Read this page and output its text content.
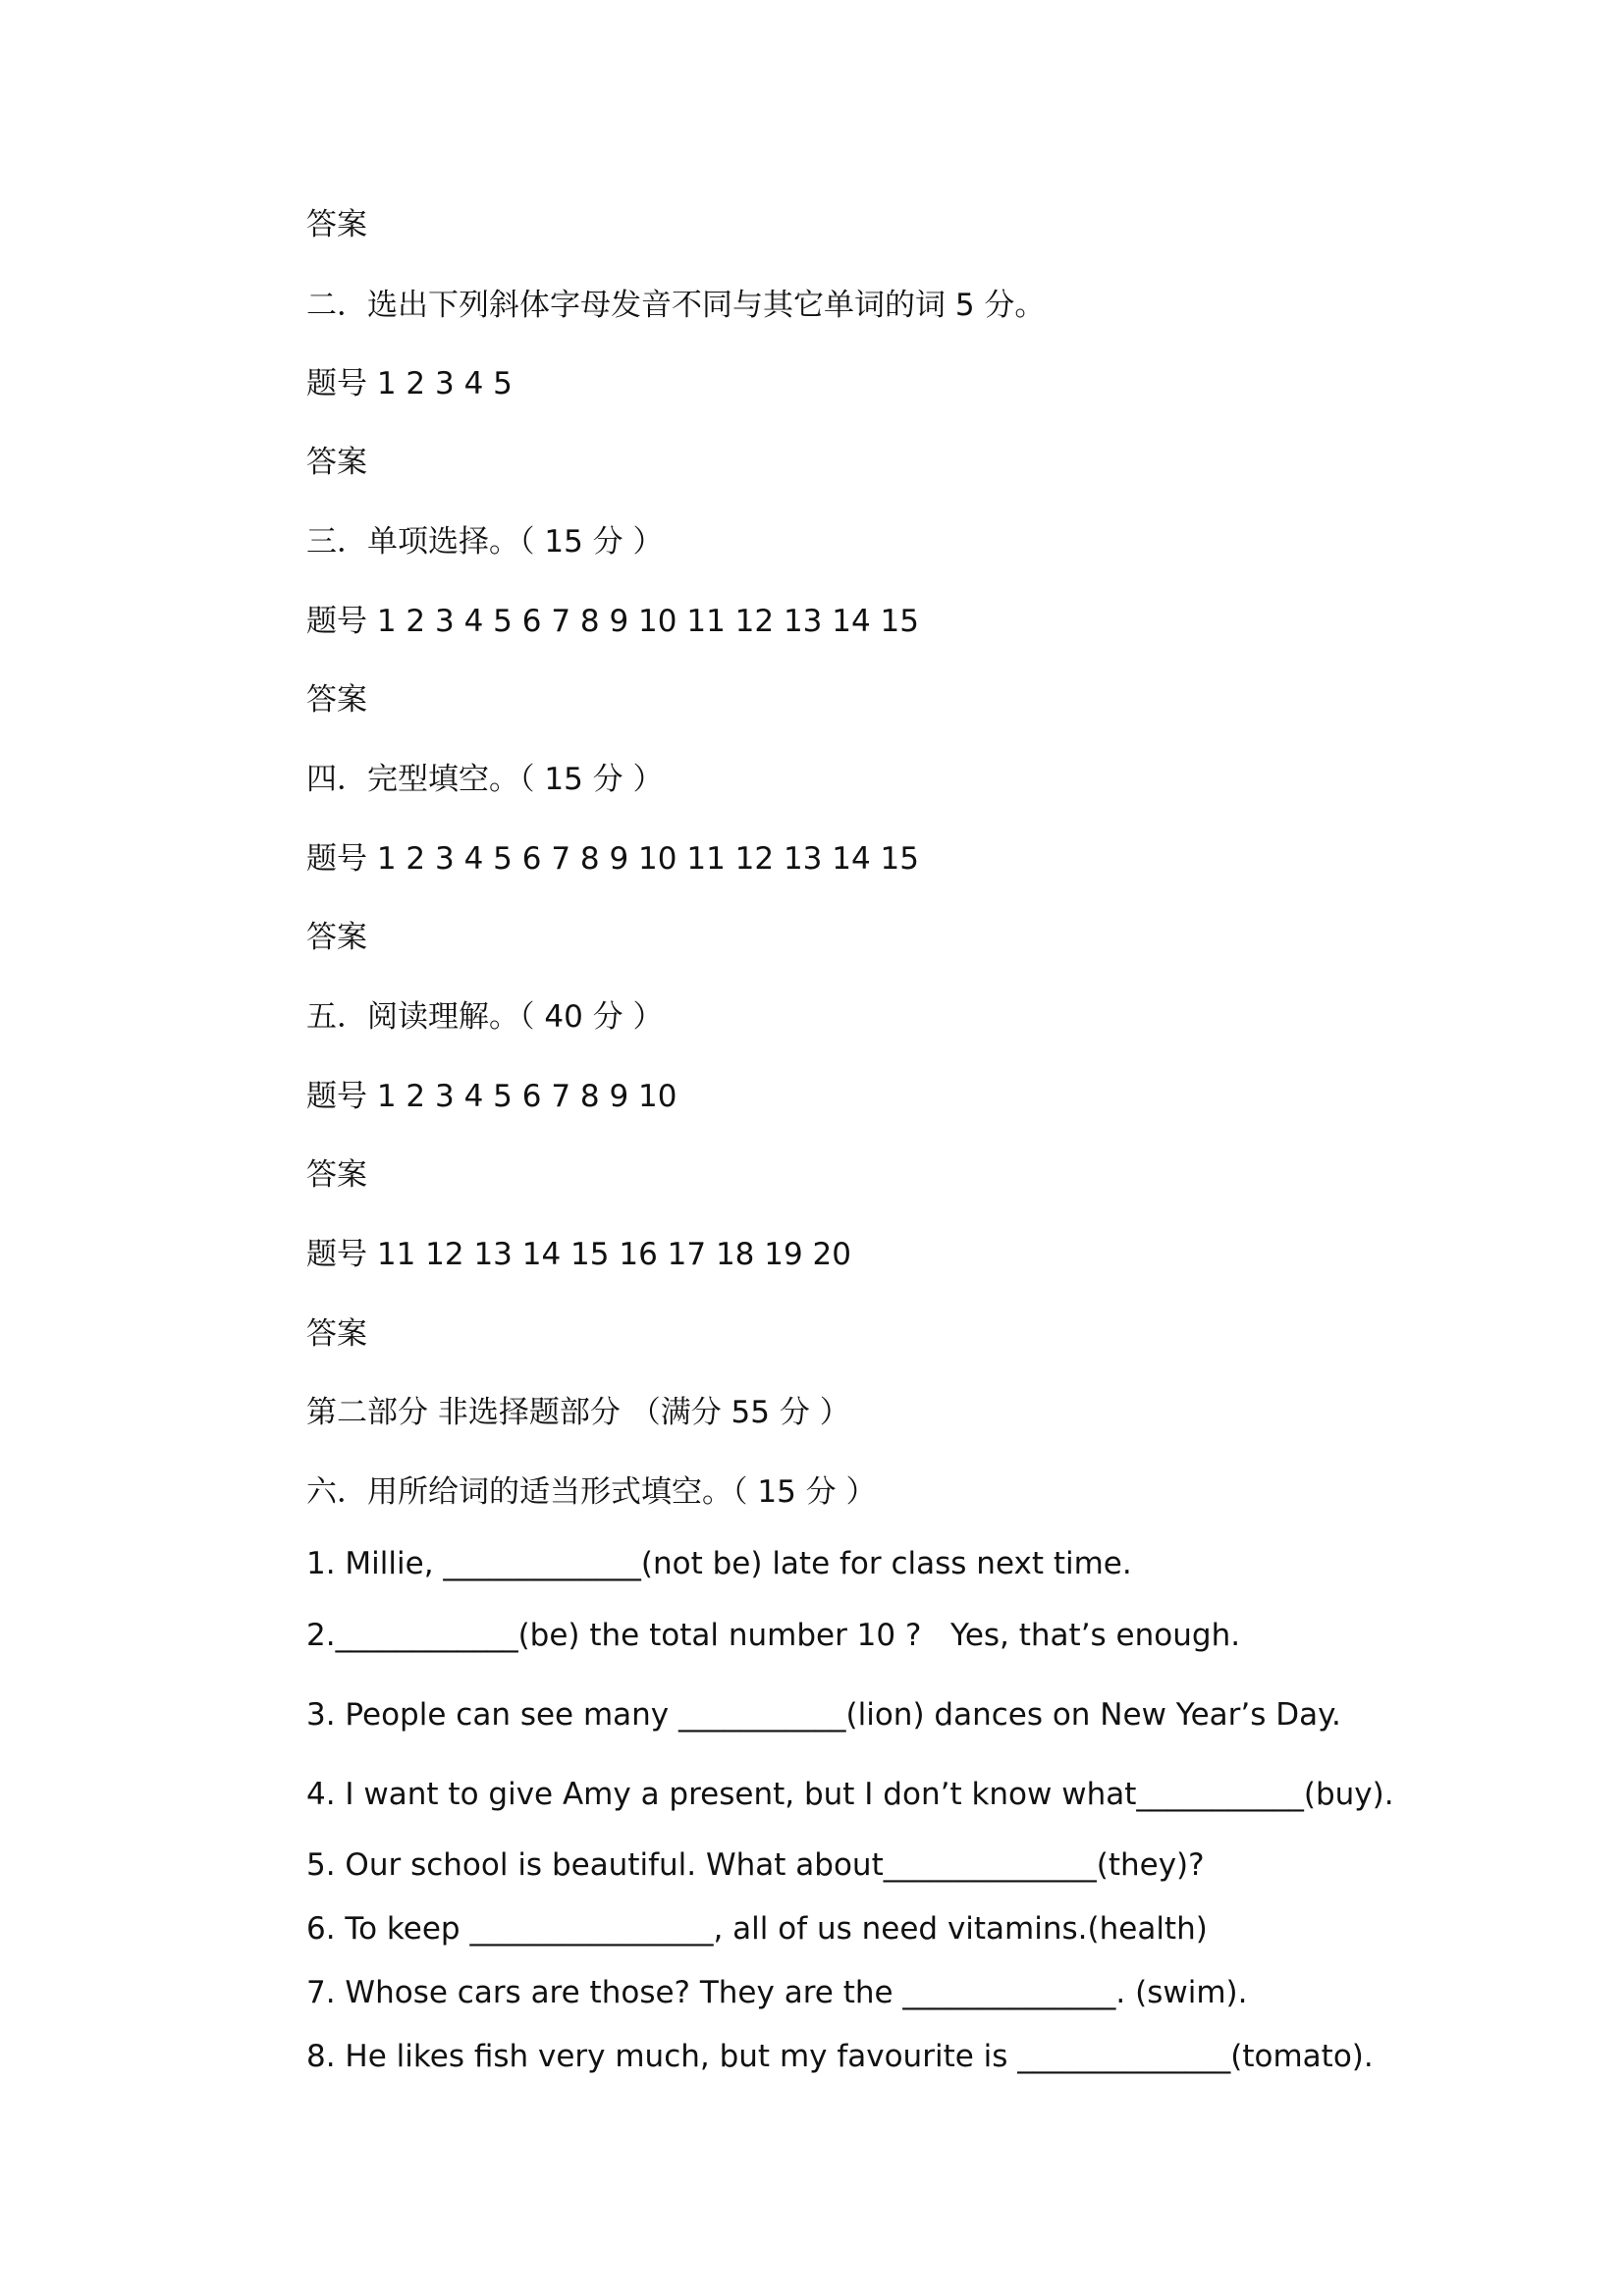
答案
二．选出下列斜体字母发音不同与其它单词的词 5 分。
题号 1 2 3 4 5
答案
三．单项选择。（ 15 分 ）
题号 1 2 3 4 5 6 7 8 9 10 11 12 13 14 15
答案
四．完型填空。（ 15 分 ）
题号 1 2 3 4 5 6 7 8 9 10 11 12 13 14 15
答案
五．阅读理解。（ 40 分 ）
题号 1 2 3 4 5 6 7 8 9 10
答案
题号 11 12 13 14 15 16 17 18 19 20
答案
第二部分 非选择题部分 （满分 55 分 ）
六．用所给词的适当形式填空。（ 15 分 ）
1. Millie, _____________(not be) late for class next time.
2.____________(be) the total number 10 ?   Yes, that’s enough.
3. People can see many ___________(lion) dances on New Year’s Day.
4. I want to give Amy a present, but I don’t know what___________(buy).
5. Our school is beautiful. What about______________(they)?
6. To keep ________________, all of us need vitamins.(health)
7. Whose cars are those? They are the ______________. (swim).
8. He likes fish very much, but my favourite is ______________(tomato).
